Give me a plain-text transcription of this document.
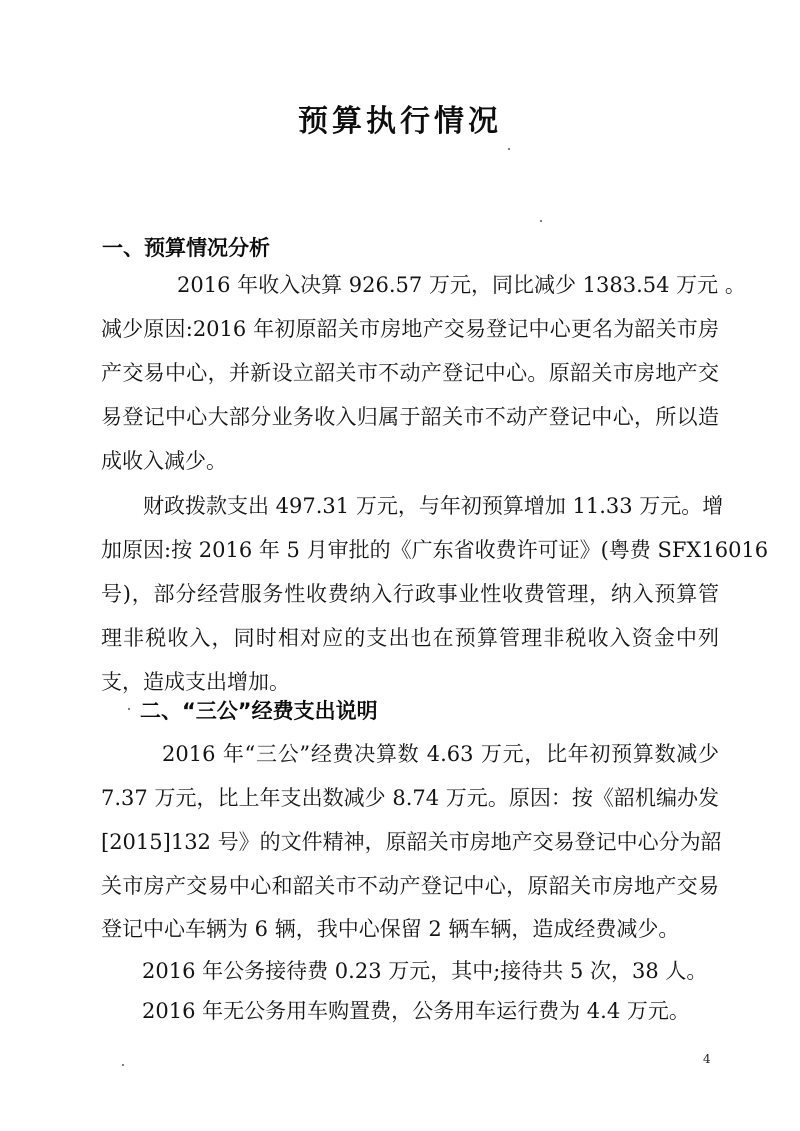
预算执行情况
一、预算情况分析
2016 年收入决算 926.57 万元，同比减少 1383.54 万元 。
减少原因:2016 年初原韶关市房地产交易登记中心更名为韶关市房
产交易中心，并新设立韶关市不动产登记中心。原韶关市房地产交
易登记中心大部分业务收入归属于韶关市不动产登记中心，所以造
成收入减少。
财政拨款支出 497.31 万元，与年初预算增加 11.33 万元。增
加原因:按 2016 年 5 月审批的《广东省收费许可证》(粤费 SFX16016
号)，部分经营服务性收费纳入行政事业性收费管理，纳入预算管
理非税收入，同时相对应的支出也在预算管理非税收入资金中列
支，造成支出增加。
二、“三公”经费支出说明
2016 年“三公”经费决算数 4.63 万元，比年初预算数减少
7.37 万元，比上年支出数减少 8.74 万元。原因：按《韶机编办发
[2015]132 号》的文件精神，原韶关市房地产交易登记中心分为韶
关市房产交易中心和韶关市不动产登记中心，原韶关市房地产交易
登记中心车辆为 6 辆，我中心保留 2 辆车辆，造成经费减少。
2016 年公务接待费 0.23 万元，其中;接待共 5 次，38 人。
2016 年无公务用车购置费，公务用车运行费为 4.4 万元。
4
